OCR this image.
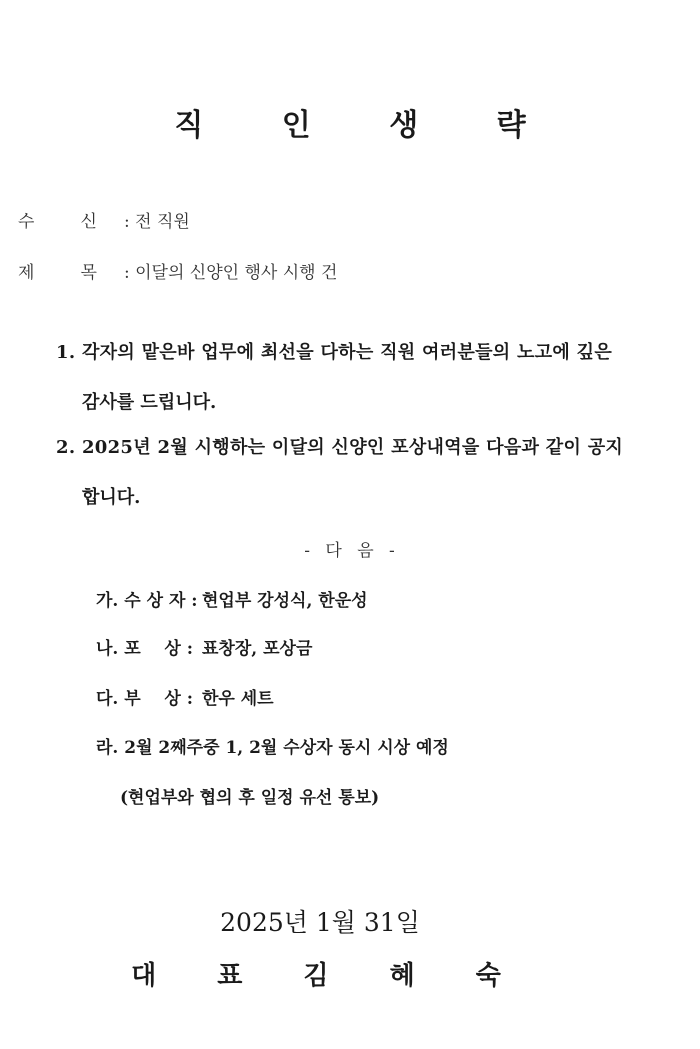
직 인 생 략
수	신 : 전 직원
제	목 : 이달의 신양인 행사 시행 건
1. 각자의 맡은바 업무에 최선을 다하는 직원 여러분들의 노고에 깊은
감사를 드립니다.
2. 2025년 2월 시행하는 이달의 신양인 포상내역을 다음과 같이 공지
합니다.
- 다 음 -
가. 수 상 자 : 현업부 강성식, 한운성
나. 포    상 : 표창장, 포상금
다. 부    상 : 한우 세트
라. 2월 2째주중 1, 2월 수상자 동시 시상 예정
(현업부와 협의 후 일정 유선 통보)
2025년 1월 31일
대 표 김 혜 숙
